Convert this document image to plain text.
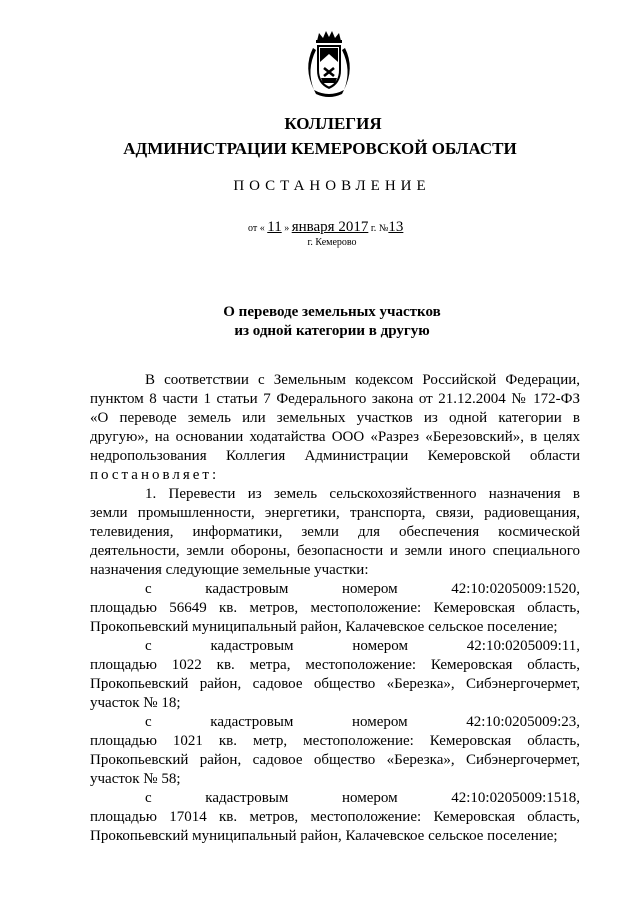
КОЛЛЕГИЯ
АДМИНИСТРАЦИИ КЕМЕРОВСКОЙ ОБЛАСТИ
ПОСТАНОВЛЕНИЕ
от « 11 » января 2017 г. №13
г. Кемерово
О переводе земельных участков
из одной категории в другую
В соответствии с Земельным кодексом Российской Федерации,
пунктом 8 части 1 статьи 7 Федерального закона от 21.12.2004 № 172-ФЗ
«О переводе земель или земельных участков из одной категории в
другую», на основании ходатайства ООО «Разрез «Березовский», в целях
недропользования Коллегия Администрации Кемеровской области
постановляет:
1. Перевести из земель сельскохозяйственного назначения в
земли промышленности, энергетики, транспорта, связи, радиовещания,
телевидения, информатики, земли для обеспечения космической
деятельности, земли обороны, безопасности и земли иного специального
назначения следующие земельные участки:
с кадастровым номером 42:10:0205009:1520,
площадью 56649 кв. метров, местоположение: Кемеровская область,
Прокопьевский муниципальный район, Калачевское сельское поселение;
с кадастровым номером 42:10:0205009:11,
площадью 1022 кв. метра, местоположение: Кемеровская область,
Прокопьевский район, садовое общество «Березка», Сибэнергочермет,
участок № 18;
с кадастровым номером 42:10:0205009:23,
площадью 1021 кв. метр, местоположение: Кемеровская область,
Прокопьевский район, садовое общество «Березка», Сибэнергочермет,
участок № 58;
с кадастровым номером 42:10:0205009:1518,
площадью 17014 кв. метров, местоположение: Кемеровская область,
Прокопьевский муниципальный район, Калачевское сельское поселение;
